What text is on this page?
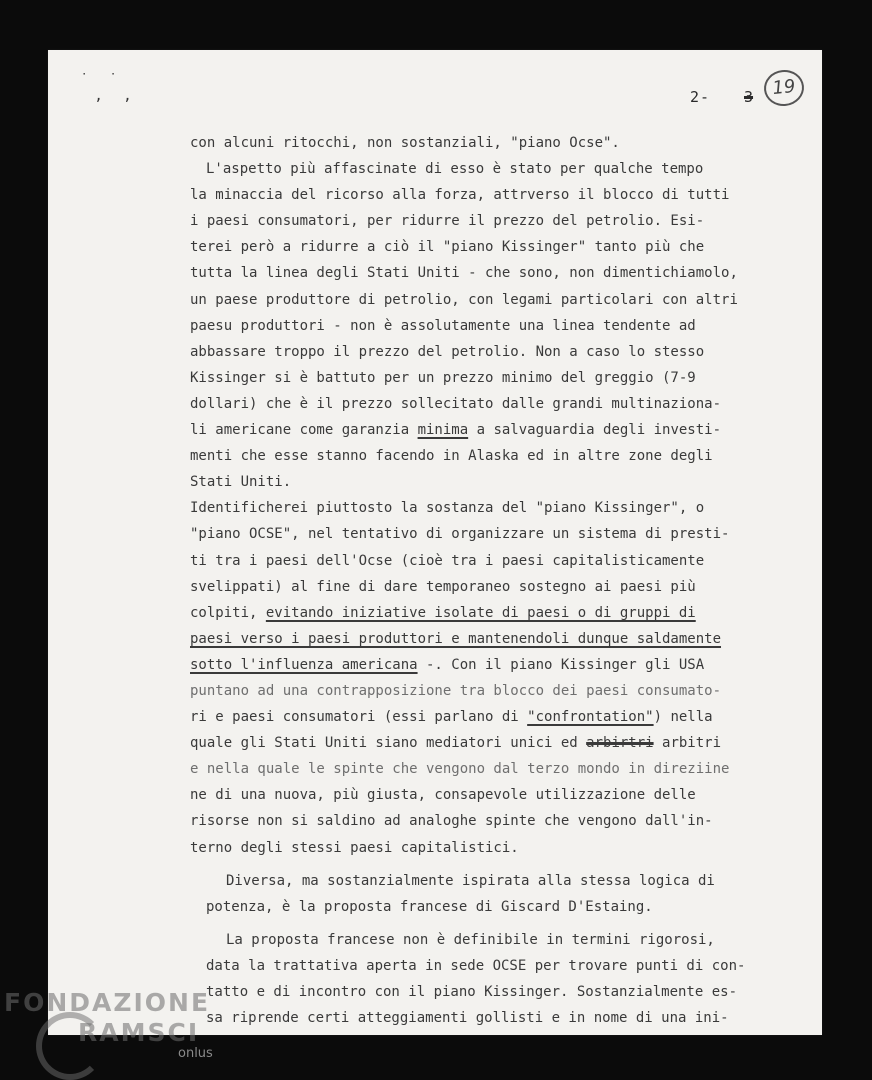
˙ ˙
, ,	2- 3	19
con alcuni ritocchi, non sostanziali, "piano Ocse".
L'aspetto più affascinate di esso è stato per qualche tempo
la minaccia del ricorso alla forza, attrverso il blocco di tutti
i paesi consumatori, per ridurre il prezzo del petrolio. Esi-
terei però a ridurre a ciò il "piano Kissinger" tanto più che
tutta la linea degli Stati Uniti - che sono, non dimentichiamolo,
un paese produttore di petrolio, con legami particolari con altri
paesu produttori - non è assolutamente una linea tendente ad
abbassare troppo il prezzo del petrolio. Non a caso lo stesso
Kissinger si è battuto per un prezzo minimo del greggio (7-9
dollari) che è il prezzo sollecitato dalle grandi multinaziona-
li americane come garanzia minima a salvaguardia degli investi-
menti che esse stanno facendo in Alaska ed in altre zone degli
Stati Uniti.
Identificherei piuttosto la sostanza del "piano Kissinger", o
"piano OCSE", nel tentativo di organizzare un sistema di presti-
ti tra i paesi dell'Ocse (cioè tra i paesi capitalisticamente
svelippati) al fine di dare temporaneo sostegno ai paesi più
colpiti, evitando iniziative isolate di paesi o di gruppi di
paesi verso i paesi produttori e mantenendoli dunque saldamente
sotto l'influenza americana -. Con il piano Kissinger gli USA
puntano ad una contrapposizione tra blocco dei paesi consumato-
ri e paesi consumatori (essi parlano di "confrontation") nella
quale gli Stati Uniti siano mediatori unici ed arbirtri arbitri
e nella quale le spinte che vengono dal terzo mondo in direziine
ne di una nuova, più giusta, consapevole utilizzazione delle
risorse non si saldino ad analoghe spinte che vengono dall'in-
terno degli stessi paesi capitalistici.
Diversa, ma sostanzialmente ispirata alla stessa logica di
potenza, è la proposta francese di Giscard D'Estaing.
La proposta francese non è definibile in termini rigorosi,
data la trattativa aperta in sede OCSE per trovare punti di con-
tatto e di incontro con il piano Kissinger. Sostanzialmente es-
sa riprende certi atteggiamenti gollisti e in nome di una ini-
FONDAZIONE
RAMSCI
onlus
